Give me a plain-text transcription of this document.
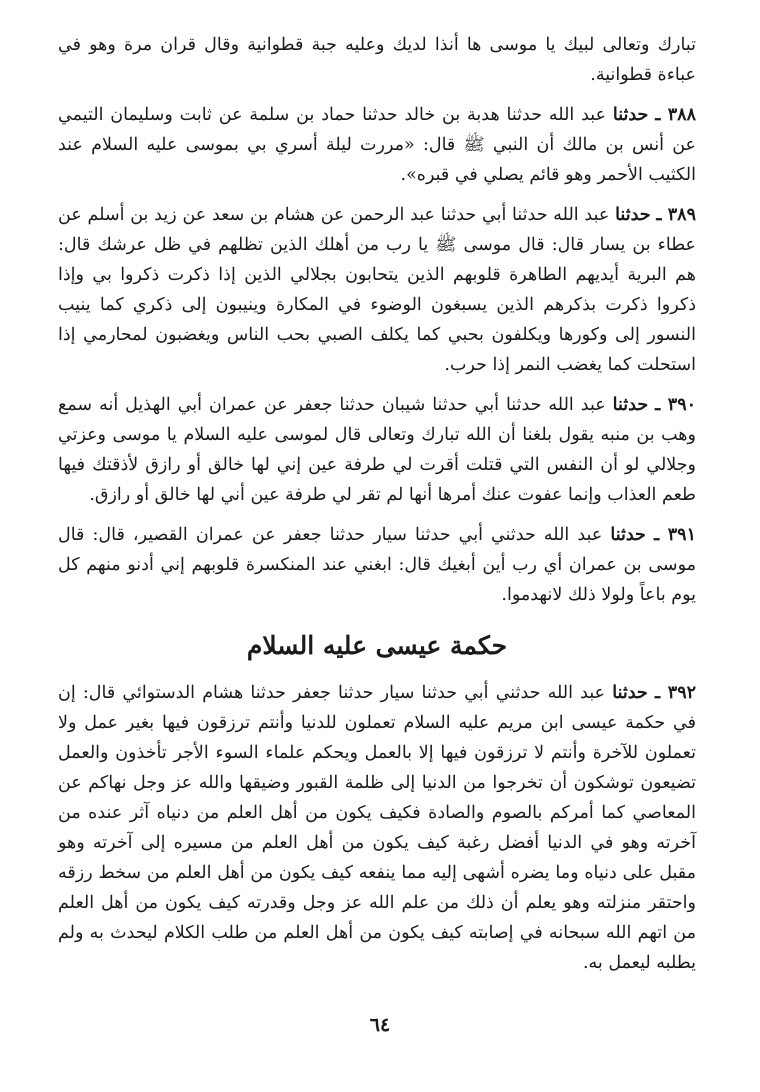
تبارك وتعالى لبيك يا موسى ها أنذا لديك وعليه جبة قطوانية وقال قران مرة وهو في عباءة قطوانية.

٣٨٨ ـ حدثنا عبد الله حدثنا هدبة بن خالد حدثنا حماد بن سلمة عن ثابت وسليمان التيمي عن أنس بن مالك أن النبي ﷺ قال: «مررت ليلة أسري بي بموسى عليه السلام عند الكثيب الأحمر وهو قائم يصلي في قبره».

٣٨٩ ـ حدثنا عبد الله حدثنا أبي حدثنا عبد الرحمن عن هشام بن سعد عن زيد بن أسلم عن عطاء بن يسار قال: قال موسى ﷺ يا رب من أهلك الذين تظلهم في ظل عرشك قال: هم البرية أيديهم الطاهرة قلوبهم الذين يتحابون بجلالي الذين إذا ذكرت ذكروا بي وإذا ذكروا ذكرت بذكرهم الذين يسبغون الوضوء في المكارة وينيبون إلى ذكري كما ينيب النسور إلى وكورها ويكلفون بحبي كما يكلف الصبي بحب الناس ويغضبون لمحارمي إذا استحلت كما يغضب النمر إذا حرب.

٣٩٠ ـ حدثنا عبد الله حدثنا أبي حدثنا شيبان حدثنا جعفر عن عمران أبي الهذيل أنه سمع وهب بن منبه يقول بلغنا أن الله تبارك وتعالى قال لموسى عليه السلام يا موسى وعزتي وجلالي لو أن النفس التي قتلت أقرت لي طرفة عين إني لها خالق أو رازق لأذقتك فيها طعم العذاب وإنما عفوت عنك أمرها أنها لم تقر لي طرفة عين أني لها خالق أو رازق.

٣٩١ ـ حدثنا عبد الله حدثني أبي حدثنا سيار حدثنا جعفر عن عمران القصير، قال: قال موسى بن عمران أي رب أين أبغيك قال: ابغني عند المنكسرة قلوبهم إني أدنو منهم كل يوم باعاً ولولا ذلك لانهدموا.

حكمة عيسى عليه السلام

٣٩٢ ـ حدثنا عبد الله حدثني أبي حدثنا سيار حدثنا جعفر حدثنا هشام الدستوائي قال: إن في حكمة عيسى ابن مريم عليه السلام تعملون للدنيا وأنتم ترزقون فيها بغير عمل ولا تعملون للآخرة وأنتم لا ترزقون فيها إلا بالعمل ويحكم علماء السوء الأجر تأخذون والعمل تضيعون توشكون أن تخرجوا من الدنيا إلى ظلمة القبور وضيقها والله عز وجل نهاكم عن المعاصي كما أمركم بالصوم والصادة فكيف يكون من أهل العلم من دنياه آثر عنده من آخرته وهو في الدنيا أفضل رغبة كيف يكون من أهل العلم من مسيره إلى آخرته وهو مقبل على دنياه وما يضره أشهى إليه مما ينفعه كيف يكون من أهل العلم من سخط رزقه واحتقر منزلته وهو يعلم أن ذلك من علم الله عز وجل وقدرته كيف يكون من أهل العلم من اتهم الله سبحانه في إصابته كيف يكون من أهل العلم من طلب الكلام ليحدث به ولم يطلبه ليعمل به.

٦٤
